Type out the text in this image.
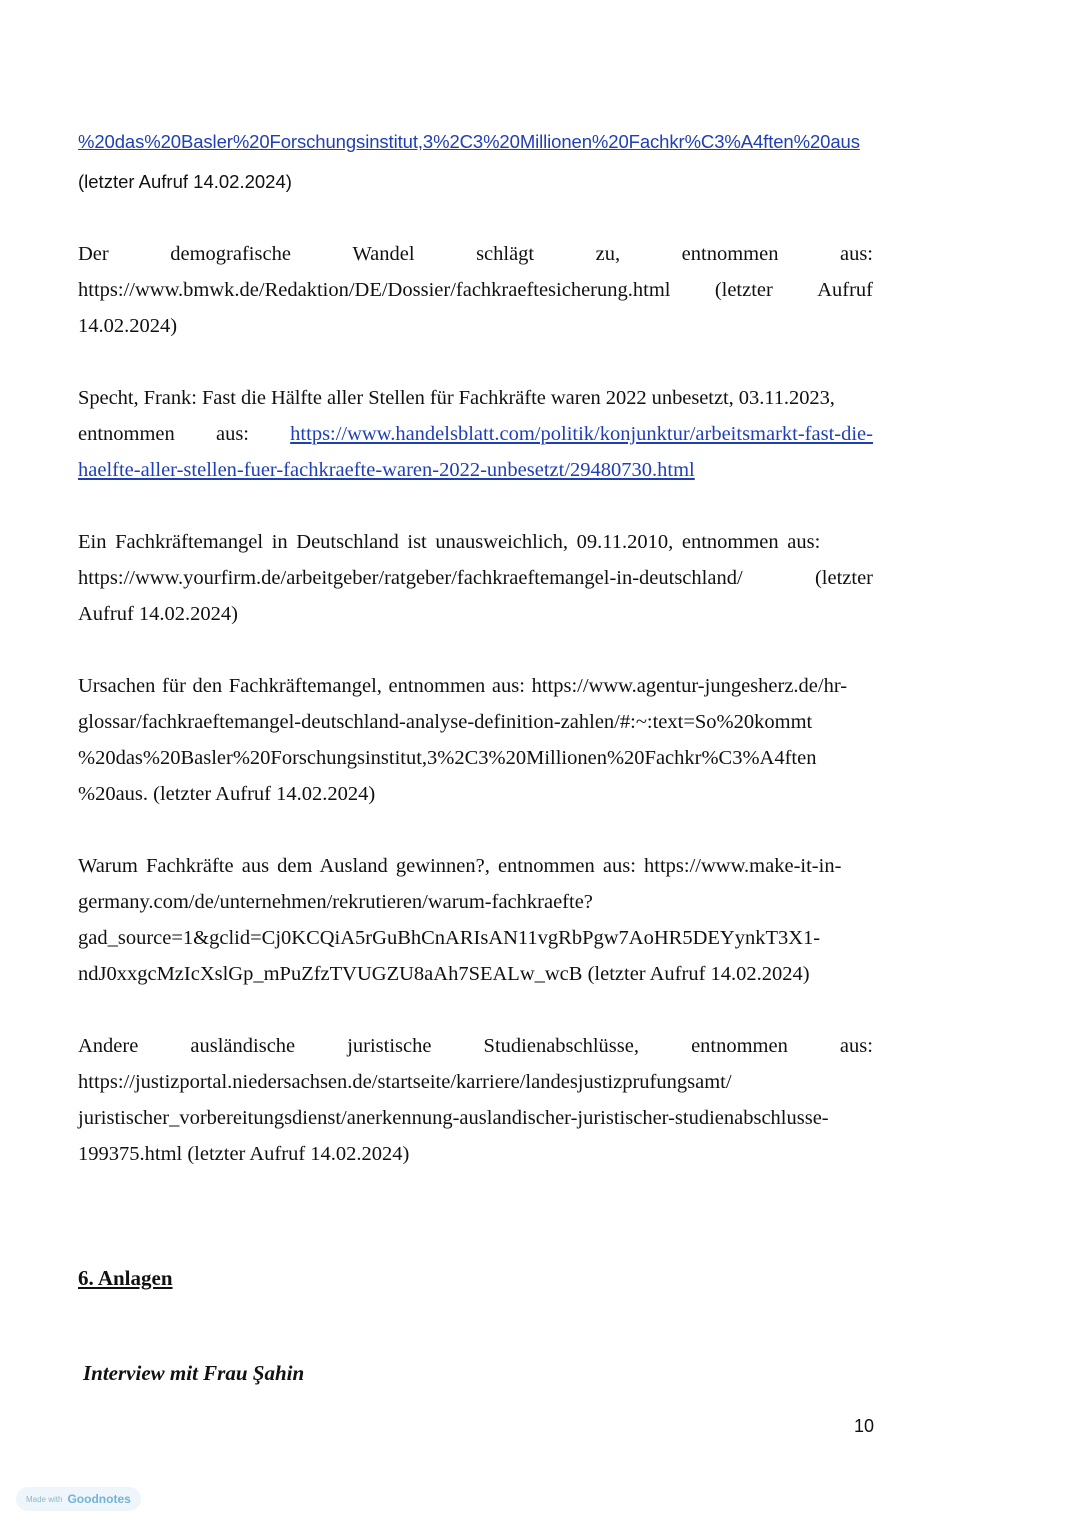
%20das%20Basler%20Forschungsinstitut,3%2C3%20Millionen%20Fachkr%C3%A4ften%20aus
(letzter Aufruf 14.02.2024)
Der	demografische	Wandel	schlägt	zu,	entnommen	aus:
https://www.bmwk.de/Redaktion/DE/Dossier/fachkraeftesicherung.html (letzter Aufruf
14.02.2024)
Specht, Frank: Fast die Hälfte aller Stellen für Fachkräfte waren 2022 unbesetzt, 03.11.2023,
entnommen aus: https://www.handelsblatt.com/politik/konjunktur/arbeitsmarkt-fast-die-
haelfte-aller-stellen-fuer-fachkraefte-waren-2022-unbesetzt/29480730.html
Ein Fachkräftemangel in Deutschland ist unausweichlich, 09.11.2010, entnommen aus:
https://www.yourfirm.de/arbeitgeber/ratgeber/fachkraeftemangel-in-deutschland/	(letzter
Aufruf 14.02.2024)
Ursachen für den Fachkräftemangel, entnommen aus: https://www.agentur-jungesherz.de/hr-
glossar/fachkraeftemangel-deutschland-analyse-definition-zahlen/#:~:text=So%20kommt
%20das%20Basler%20Forschungsinstitut,3%2C3%20Millionen%20Fachkr%C3%A4ften
%20aus. (letzter Aufruf 14.02.2024)
Warum Fachkräfte aus dem Ausland gewinnen?, entnommen aus: https://www.make-it-in-
germany.com/de/unternehmen/rekrutieren/warum-fachkraefte?
gad_source=1&gclid=Cj0KCQiA5rGuBhCnARIsAN11vgRbPgw7AoHR5DEYynkT3X1-
ndJ0xxgcMzIcXslGp_mPuZfzTVUGZU8aAh7SEALw_wcB (letzter Aufruf 14.02.2024)
Andere	ausländische	juristische	Studienabschlüsse,	entnommen	aus:
https://justizportal.niedersachsen.de/startseite/karriere/landesjustizprufungsamt/
juristischer_vorbereitungsdienst/anerkennung-auslandischer-juristischer-studienabschlusse-
199375.html (letzter Aufruf 14.02.2024)
6. Anlagen
Interview mit Frau Şahin
10
Made with Goodnotes
